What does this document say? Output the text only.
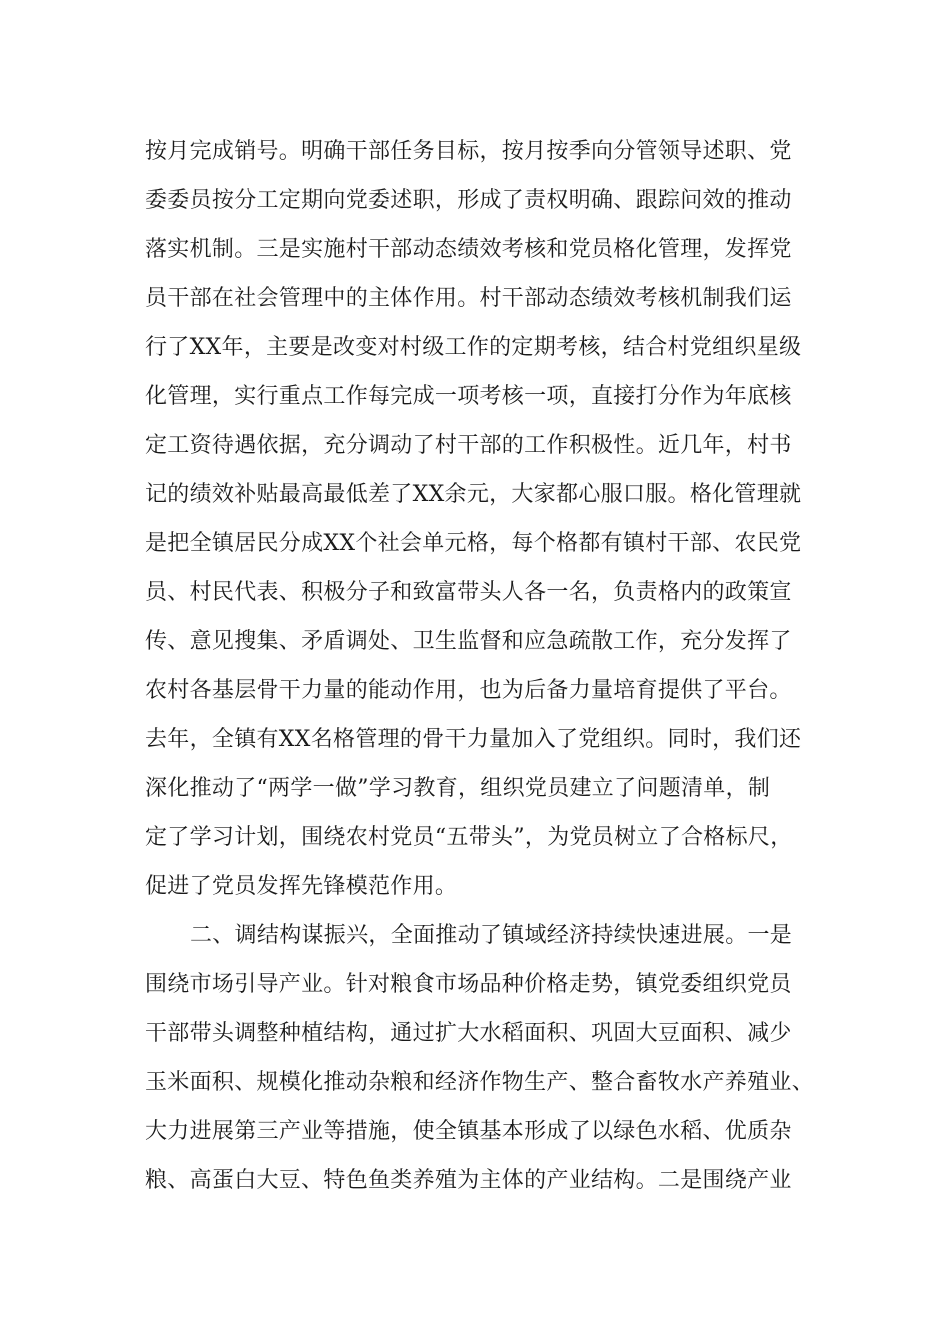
按月完成销号。明确干部任务目标，按月按季向分管领导述职、党
委委员按分工定期向党委述职，形成了责权明确、跟踪问效的推动
落实机制。三是实施村干部动态绩效考核和党员格化管理，发挥党
员干部在社会管理中的主体作用。村干部动态绩效考核机制我们运
行了XX年，主要是改变对村级工作的定期考核，结合村党组织星级
化管理，实行重点工作每完成一项考核一项，直接打分作为年底核
定工资待遇依据，充分调动了村干部的工作积极性。近几年，村书
记的绩效补贴最高最低差了XX余元，大家都心服口服。格化管理就
是把全镇居民分成XX个社会单元格，每个格都有镇村干部、农民党
员、村民代表、积极分子和致富带头人各一名，负责格内的政策宣
传、意见搜集、矛盾调处、卫生监督和应急疏散工作，充分发挥了
农村各基层骨干力量的能动作用，也为后备力量培育提供了平台。
去年，全镇有XX名格管理的骨干力量加入了党组织。同时，我们还
深化推动了“两学一做”学习教育，组织党员建立了问题清单，制
定了学习计划，围绕农村党员“五带头”，为党员树立了合格标尺，
促进了党员发挥先锋模范作用。
二、调结构谋振兴，全面推动了镇域经济持续快速进展。一是
围绕市场引导产业。针对粮食市场品种价格走势，镇党委组织党员
干部带头调整种植结构，通过扩大水稻面积、巩固大豆面积、减少
玉米面积、规模化推动杂粮和经济作物生产、整合畜牧水产养殖业、
大力进展第三产业等措施，使全镇基本形成了以绿色水稻、优质杂
粮、高蛋白大豆、特色鱼类养殖为主体的产业结构。二是围绕产业
